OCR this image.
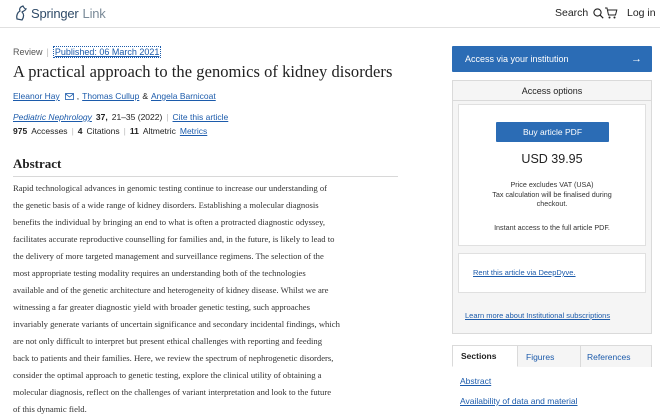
Springer Link	Search	Log in
Review | Published: 06 March 2021
A practical approach to the genomics of kidney disorders
Eleanor Hay , Thomas Cullup & Angela Barnicoat
Pediatric Nephrology 37, 21–35 (2022) | Cite this article
975 Accesses | 4 Citations | 11 Altmetric Metrics
Abstract
Rapid technological advances in genomic testing continue to increase our understanding of
the genetic basis of a wide range of kidney disorders. Establishing a molecular diagnosis
benefits the individual by bringing an end to what is often a protracted diagnostic odyssey,
facilitates accurate reproductive counselling for families and, in the future, is likely to lead to
the delivery of more targeted management and surveillance regimens. The selection of the
most appropriate testing modality requires an understanding both of the technologies
available and of the genetic architecture and heterogeneity of kidney disease. Whilst we are
witnessing a far greater diagnostic yield with broader genetic testing, such approaches
invariably generate variants of uncertain significance and secondary incidental findings, which
are not only difficult to interpret but present ethical challenges with reporting and feeding
back to patients and their families. Here, we review the spectrum of nephrogenetic disorders,
consider the optimal approach to genetic testing, explore the clinical utility of obtaining a
molecular diagnosis, reflect on the challenges of variant interpretation and look to the future
of this dynamic field.
Access via your institution	→
Access options
Buy article PDF
USD 39.95
Price excludes VAT (USA)
Tax calculation will be finalised during
checkout.
Instant access to the full article PDF.
Rent this article via DeepDyve.
Learn more about Institutional subscriptions
Sections	Figures	References
Abstract
Availability of data and material
